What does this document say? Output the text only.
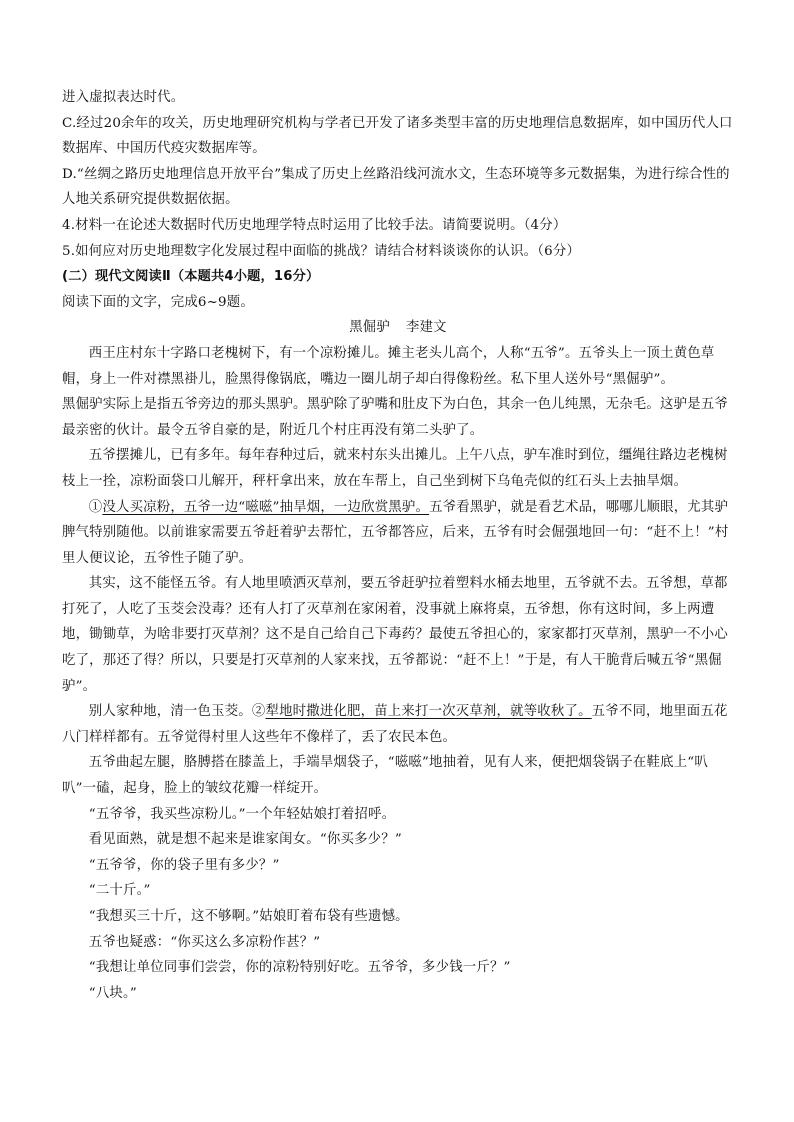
进入虚拟表达时代。

C.经过20余年的攻关，历史地理研究机构与学者已开发了诸多类型丰富的历史地理信息数据库，如中国历代人口数据库、中国历代疫灾数据库等。

D.“丝绸之路历史地理信息开放平台”集成了历史上丝路沿线河流水文，生态环境等多元数据集，为进行综合性的人地关系研究提供数据依据。

4.材料一在论述大数据时代历史地理学特点时运用了比较手法。请简要说明。（4分）

5.如何应对历史地理数字化发展过程中面临的挑战？请结合材料谈谈你的认识。（6分）

(二）现代文阅读Ⅱ（本题共4小题，16分）

阅读下面的文字，完成6~9题。

黑倔驴 李建文

西王庄村东十字路口老槐树下，有一个凉粉摊儿。摊主老头儿高个，人称“五爷”。五爷头上一顶土黄色草帽，身上一件对襟黑褂儿，脸黑得像锅底，嘴边一圈儿胡子却白得像粉丝。私下里人送外号“黑倔驴”。

黑倔驴实际上是指五爷旁边的那头黑驴。黑驴除了驴嘴和肚皮下为白色，其余一色儿纯黑，无杂毛。这驴是五爷最亲密的伙计。最令五爷自豪的是，附近几个村庄再没有第二头驴了。

五爷摆摊儿，已有多年。每年春种过后，就来村东头出摊儿。上午八点，驴车准时到位，缰绳往路边老槐树枝上一拴，凉粉面袋口儿解开，秤杆拿出来，放在车帮上，自己坐到树下乌龟壳似的红石头上去抽旱烟。

①没人买凉粉，五爷一边“嗞嗞”抽旱烟，一边欣赏黑驴。五爷看黑驴，就是看艺术品，哪哪儿顺眼，尤其驴脾气特别随他。以前谁家需要五爷赶着驴去帮忙，五爷都答应，后来，五爷有时会倔强地回一句：“赶不上！”村里人便议论，五爷性子随了驴。

其实，这不能怪五爷。有人地里喷洒灭草剂，要五爷赶驴拉着塑料水桶去地里，五爷就不去。五爷想，草都打死了，人吃了玉茭会没毒？还有人打了灭草剂在家闲着，没事就上麻将桌，五爷想，你有这时间，多上两遭地，锄锄草，为啥非要打灭草剂？这不是自己给自己下毒药？最使五爷担心的，家家都打灭草剂，黑驴一不小心吃了，那还了得？所以，只要是打灭草剂的人家来找，五爷都说：“赶不上！”于是，有人干脆背后喊五爷“黑倔驴”。

别人家种地，清一色玉茭。②犁地时撒进化肥，苗上来打一次灭草剂，就等收秋了。五爷不同，地里面五花八门样样都有。五爷觉得村里人这些年不像样了，丢了农民本色。

五爷曲起左腿，胳膊搭在膝盖上，手端旱烟袋子，“嗞嗞”地抽着，见有人来，便把烟袋锅子在鞋底上“叭叭”一磕，起身，脸上的皱纹花瓣一样绽开。

“五爷爷，我买些凉粉儿。”一个年轻姑娘打着招呼。

看见面熟，就是想不起来是谁家闺女。“你买多少？”

“五爷爷，你的袋子里有多少？”

“二十斤。”

“我想买三十斤，这不够啊。”姑娘盯着布袋有些遗憾。

五爷也疑惑：“你买这么多凉粉作甚？”

“我想让单位同事们尝尝，你的凉粉特别好吃。五爷爷，多少钱一斤？”

“八块。”
